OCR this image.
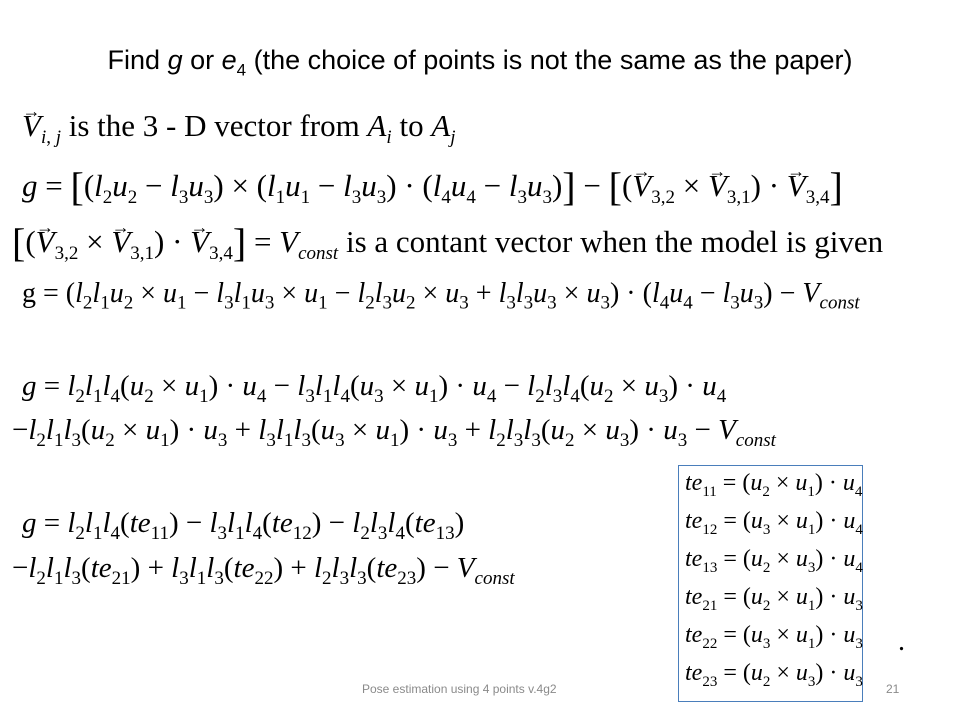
Find g or $e_4$ (the choice of points is not the same as the paper)
→ $V_{i, j}$ is the 3 - D vector from $A_i$ to $A_j$
$g = [(l_2u_2 - l_3u_3) \times (l_1u_1 - l_3u_3) \cdot (l_4u_4 - l_3u_3)]$ − [(→ $V_{3,2}$ × → $V_{3,1}$) · → $V_{3,4}$]
[(→ $V_{3,2}$ × → $V_{3,1}$) · → $V_{3,4}] = V_{const}$ is a contant vector when the model is given
$g = (l_2l_1u_2 \times u_1 - l_3l_1u_3 \times u_1 - l_2l_3u_2 \times u_3 + l_3l_3u_3 \times u_3) \cdot (l_4u_4 - l_3u_3) - V_{const}$
$g = l_2l_1l_4(u_2 \times u_1) \cdot u_4 - l_3l_1l_4(u_3 \times u_1) \cdot u_4 - l_2l_3l_4(u_2 \times u_3) \cdot u_4$
$-l_2l_1l_3(u_2 \times u_1) \cdot u_3 + l_3l_1l_3(u_3 \times u_1) \cdot u_3 + l_2l_3l_3(u_2 \times u_3) \cdot u_3 - V_{const}$
$g = l_2l_1l_4(te_{11}) - l_3l_1l_4(te_{12}) - l_2l_3l_4(te_{13})$
$-l_2l_1l_3(te_{21}) + l_3l_1l_3(te_{22}) + l_2l_3l_3(te_{23}) - V_{const}$
$te_{11} = (u_2 \times u_1) \cdot u_4$
$te_{12} = (u_3 \times u_1) \cdot u_4$
$te_{13} = (u_2 \times u_3) \cdot u_4$
$te_{21} = (u_2 \times u_1) \cdot u_3$
$te_{22} = (u_3 \times u_1) \cdot u_3$
$te_{23} = (u_2 \times u_3) \cdot u_3$
.
Pose estimation using 4 points v.4g2	21
